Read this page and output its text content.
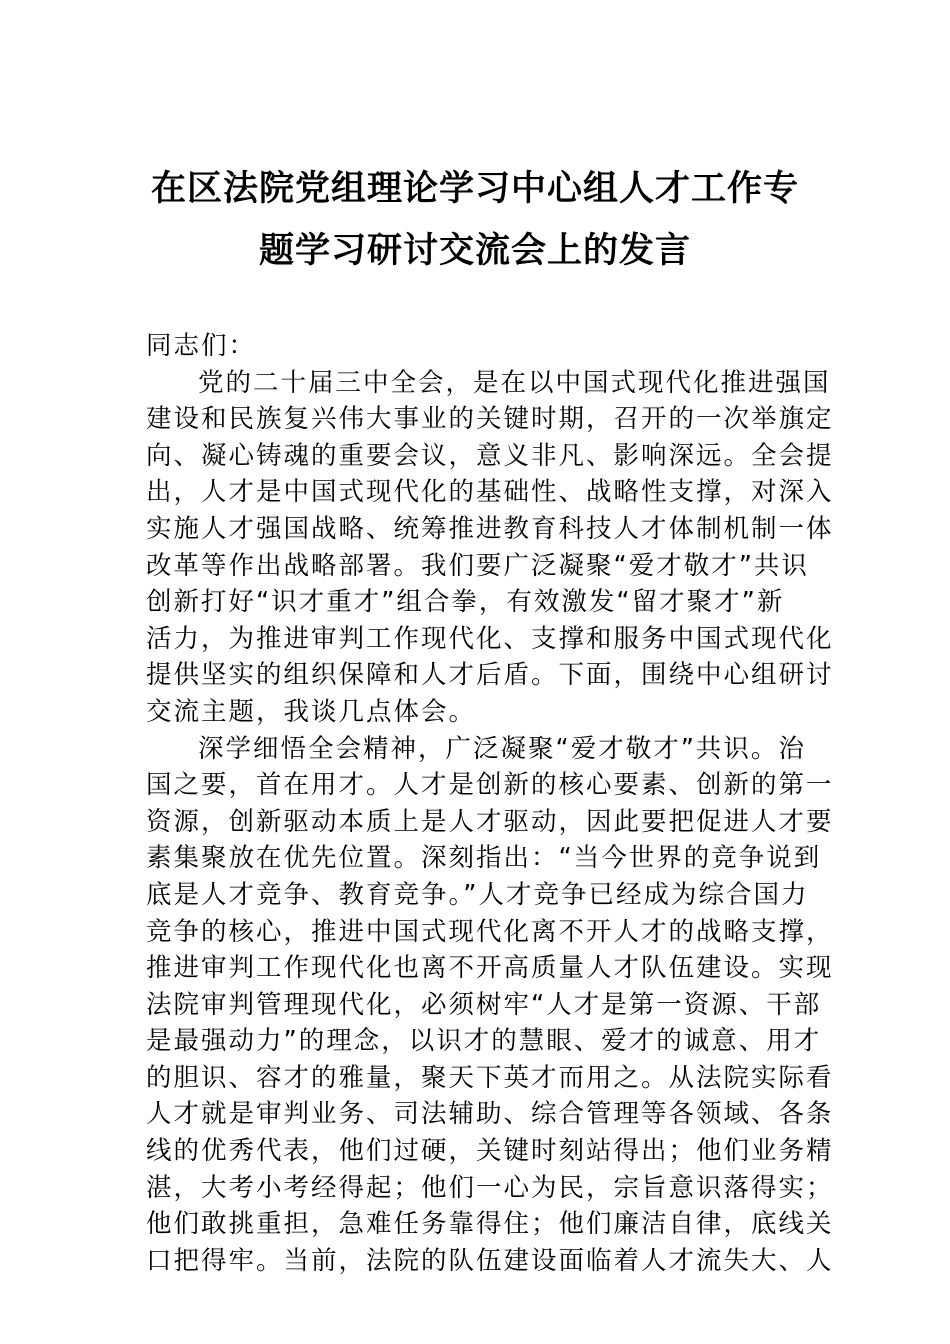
在区法院党组理论学习中心组人才工作专
题学习研讨交流会上的发言
同志们：
党的二十届三中全会，是在以中国式现代化推进强国
建设和民族复兴伟大事业的关键时期，召开的一次举旗定
向、凝心铸魂的重要会议，意义非凡、影响深远。全会提
出，人才是中国式现代化的基础性、战略性支撑，对深入
实施人才强国战略、统筹推进教育科技人才体制机制一体
改革等作出战略部署。我们要广泛凝聚“爱才敬才”共识
创新打好“识才重才”组合拳，有效激发“留才聚才”新
活力，为推进审判工作现代化、支撑和服务中国式现代化
提供坚实的组织保障和人才后盾。下面，围绕中心组研讨
交流主题，我谈几点体会。
深学细悟全会精神，广泛凝聚“爱才敬才”共识。治
国之要，首在用才。人才是创新的核心要素、创新的第一
资源，创新驱动本质上是人才驱动，因此要把促进人才要
素集聚放在优先位置。深刻指出：“当今世界的竞争说到
底是人才竞争、教育竞争。”人才竞争已经成为综合国力
竞争的核心，推进中国式现代化离不开人才的战略支撑，
推进审判工作现代化也离不开高质量人才队伍建设。实现
法院审判管理现代化，必须树牢“人才是第一资源、干部
是最强动力”的理念，以识才的慧眼、爱才的诚意、用才
的胆识、容才的雅量，聚天下英才而用之。从法院实际看
人才就是审判业务、司法辅助、综合管理等各领域、各条
线的优秀代表，他们过硬，关键时刻站得出；他们业务精
湛，大考小考经得起；他们一心为民，宗旨意识落得实；
他们敢挑重担，急难任务靠得住；他们廉洁自律，底线关
口把得牢。当前，法院的队伍建设面临着人才流失大、人
